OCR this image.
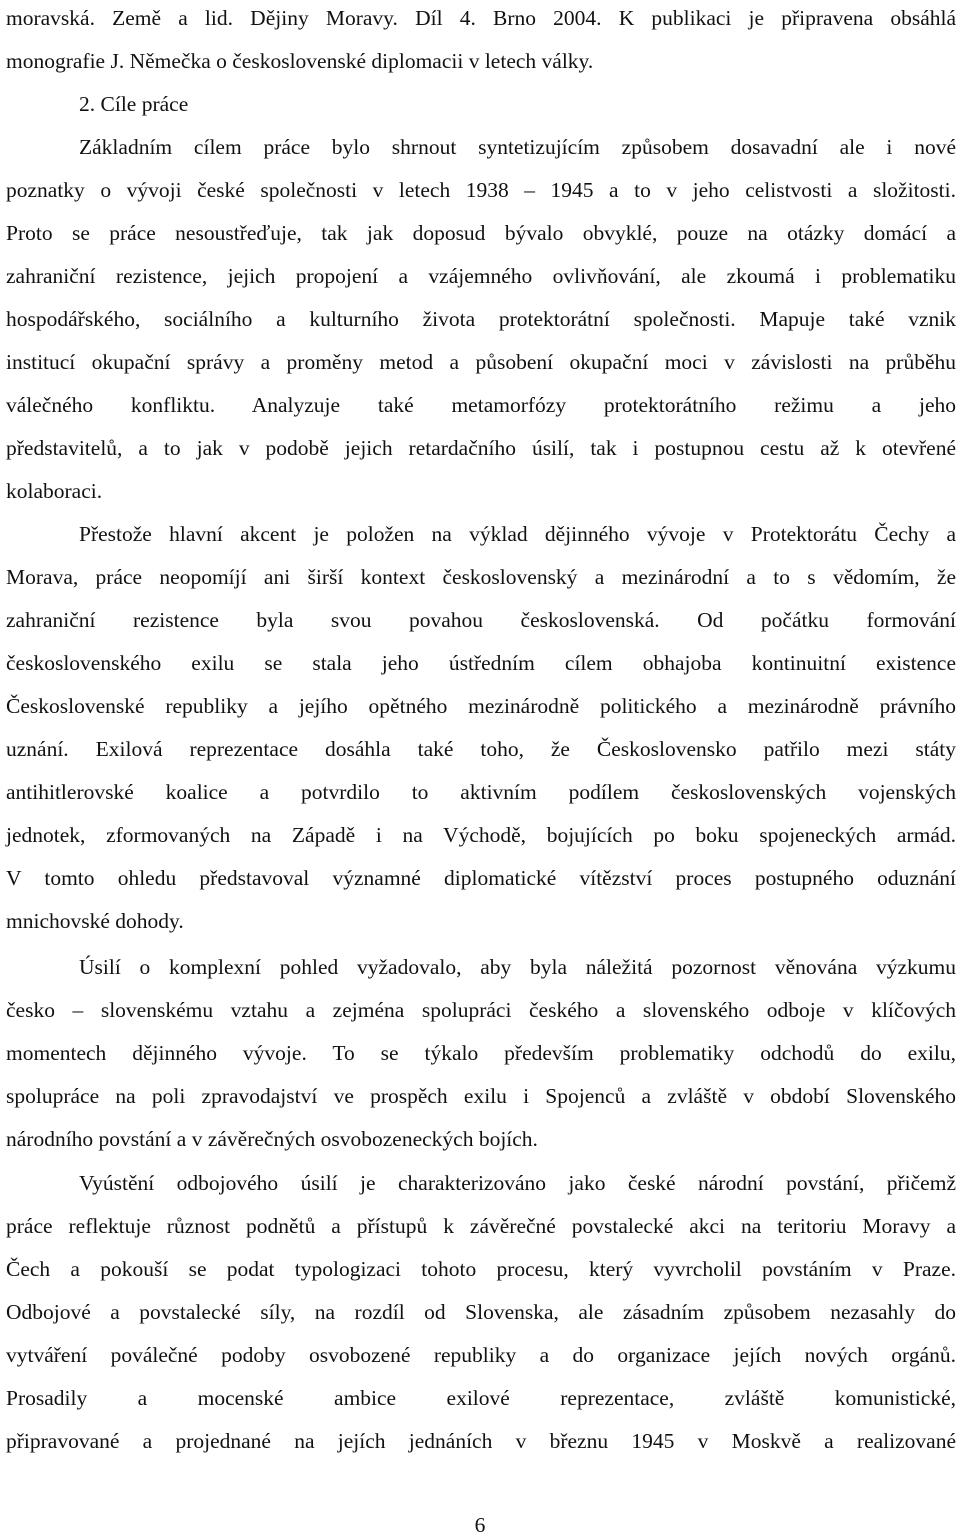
moravská. Země a lid. Dějiny Moravy. Díl 4. Brno 2004. K publikaci je připravena obsáhlá
monografie J. Němečka o československé diplomacii v letech války.
2. Cíle práce
Základním cílem práce bylo shrnout syntetizujícím způsobem dosavadní ale i nové
poznatky o vývoji české společnosti v letech 1938 – 1945 a to v jeho celistvosti a složitosti.
Proto se práce nesoustřeďuje, tak jak doposud bývalo obvyklé, pouze na otázky domácí a
zahraniční rezistence, jejich propojení a vzájemného ovlivňování, ale zkoumá i problematiku
hospodářského, sociálního a kulturního života protektorátní společnosti. Mapuje také vznik
institucí okupační správy a proměny metod a působení okupační moci v závislosti na průběhu
válečného konfliktu. Analyzuje také metamorfózy protektorátního režimu a jeho
představitelů, a to jak v podobě jejich retardačního úsilí, tak i postupnou cestu až k otevřené
kolaboraci.
Přestože hlavní akcent je položen na výklad dějinného vývoje v Protektorátu Čechy a
Morava, práce neopomíjí ani širší kontext československý a mezinárodní a to s vědomím, že
zahraniční rezistence byla svou povahou československá. Od počátku formování
československého exilu se stala jeho ústředním cílem obhajoba kontinuitní existence
Československé republiky a jejího opětného mezinárodně politického a mezinárodně právního
uznání. Exilová reprezentace dosáhla také toho, že Československo patřilo mezi státy
antihitlerovské koalice a potvrdilo to aktivním podílem československých vojenských
jednotek, zformovaných na Západě i na Východě, bojujících po boku spojeneckých armád.
V tomto ohledu představoval významné diplomatické vítězství proces postupného oduznání
mnichovské dohody.
Úsilí o komplexní pohled vyžadovalo, aby byla náležitá pozornost věnována výzkumu
česko – slovenskému vztahu a zejména spolupráci českého a slovenského odboje v klíčových
momentech dějinného vývoje. To se týkalo především problematiky odchodů do exilu,
spolupráce na poli zpravodajství ve prospěch exilu i Spojenců a zvláště v období Slovenského
národního povstání a v závěrečných osvobozeneckých bojích.
Vyústění odbojového úsilí je charakterizováno jako české národní povstání, přičemž
práce reflektuje různost podnětů a přístupů k závěrečné povstalecké akci na teritoriu Moravy a
Čech a pokouší se podat typologizaci tohoto procesu, který vyvrcholil povstáním v Praze.
Odbojové a povstalecké síly, na rozdíl od Slovenska, ale zásadním způsobem nezasahly do
vytváření poválečné podoby osvobozené republiky a do organizace jejích nových orgánů.
Prosadily a mocenské ambice exilové reprezentace, zvláště komunistické,
připravované a projednané na jejích jednáních v březnu 1945 v Moskvě a realizované
6
